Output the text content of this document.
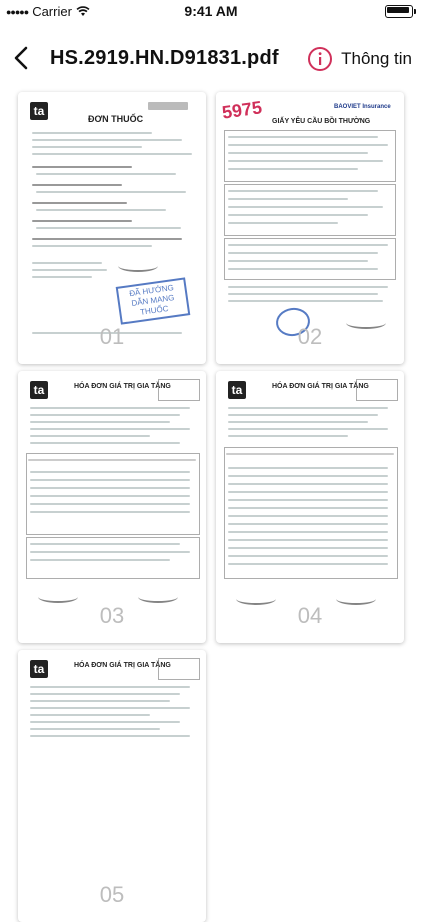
●●●●● Carrier	9:41 AM
HS.2919.HN.D91831.pdf	Thông tin
ta
ĐƠN THUỐC
ĐÃ HƯỚNG DẪN MANG THUỐC
01
5975	BAOVIET Insurance
GIẤY YÊU CẦU BỒI THƯỜNG
02
ta	HÓA ĐƠN GIÁ TRỊ GIA TĂNG
03
ta	HÓA ĐƠN GIÁ TRỊ GIA TĂNG
04
ta	HÓA ĐƠN GIÁ TRỊ GIA TĂNG
05
